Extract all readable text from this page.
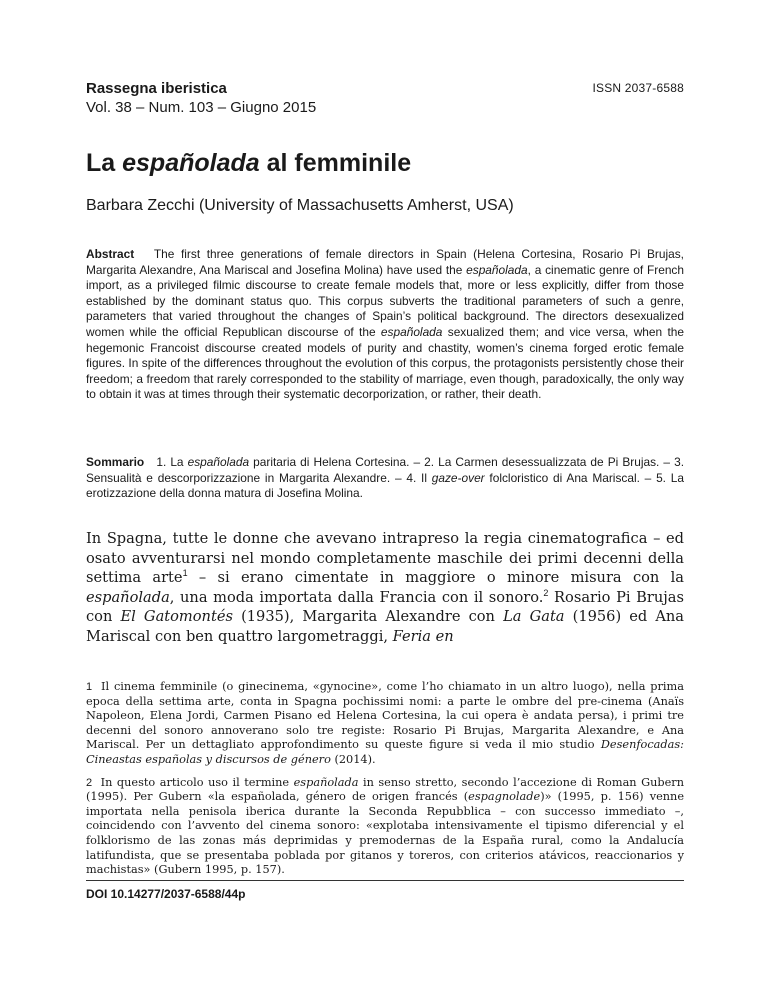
Rassegna iberistica
Vol. 38 – Num. 103 – Giugno 2015
ISSN 2037-6588
La españolada al femminile
Barbara Zecchi (University of Massachusetts Amherst, USA)

Abstract The first three generations of female directors in Spain (Helena Cortesina, Rosario Pi Brujas, Margarita Alexandre, Ana Mariscal and Josefina Molina) have used the españolada, a cinematic genre of French import, as a privileged filmic discourse to create female models that, more or less explicitly, differ from those established by the dominant status quo. This corpus subverts the traditional parameters of such a genre, parameters that varied throughout the changes of Spain’s political background. The directors desexualized women while the official Republican discourse of the españolada sexualized them; and vice versa, when the hegemonic Francoist discourse created models of purity and chastity, women’s cinema forged erotic female figures. In spite of the differences throughout the evolution of this corpus, the protagonists persistently chose their freedom; a freedom that rarely corresponded to the stability of marriage, even though, paradoxically, the only way to obtain it was at times through their systematic decorporization, or rather, their death.

Sommario 1. La españolada paritaria di Helena Cortesina. – 2. La Carmen desessualizzata de Pi Brujas. – 3. Sensualità e descorporizzazione in Margarita Alexandre. – 4. Il gaze-over folcloristico di Ana Mariscal. – 5. La erotizzazione della donna matura di Josefina Molina.

In Spagna, tutte le donne che avevano intrapreso la regia cinematografica – ed osato avventurarsi nel mondo completamente maschile dei primi decenni della settima arte$^1$ – si erano cimentate in maggiore o minore misura con la españolada, una moda importata dalla Francia con il sonoro.$^2$ Rosario Pi Brujas con El Gatomontés (1935), Margarita Alexandre con La Gata (1956) ed Ana Mariscal con ben quattro largometraggi, Feria en

1 Il cinema femminile (o ginecinema, «gynocine», come l’ho chiamato in un altro luogo), nella prima epoca della settima arte, conta in Spagna pochissimi nomi: a parte le ombre del pre-cinema (Anaïs Napoleon, Elena Jordi, Carmen Pisano ed Helena Cortesina, la cui opera è andata persa), i primi tre decenni del sonoro annoverano solo tre registe: Rosario Pi Brujas, Margarita Alexandre, e Ana Mariscal. Per un dettagliato approfondimento su queste figure si veda il mio studio Desenfocadas: Cineastas españolas y discursos de género (2014).

2 In questo articolo uso il termine españolada in senso stretto, secondo l’accezione di Roman Gubern (1995). Per Gubern «la españolada, género de origen francés (espagnolade)» (1995, p. 156) venne importata nella penisola iberica durante la Seconda Repubblica – con successo immediato –, coincidendo con l’avvento del cinema sonoro: «explotaba intensivamente el tipismo diferencial y el folklorismo de las zonas más deprimidas y premodernas de la España rural, como la Andalucía latifundista, que se presentaba poblada por gitanos y toreros, con criterios atávicos, reaccionarios y machistas» (Gubern 1995, p. 157).

DOI 10.14277/2037-6588/44p
